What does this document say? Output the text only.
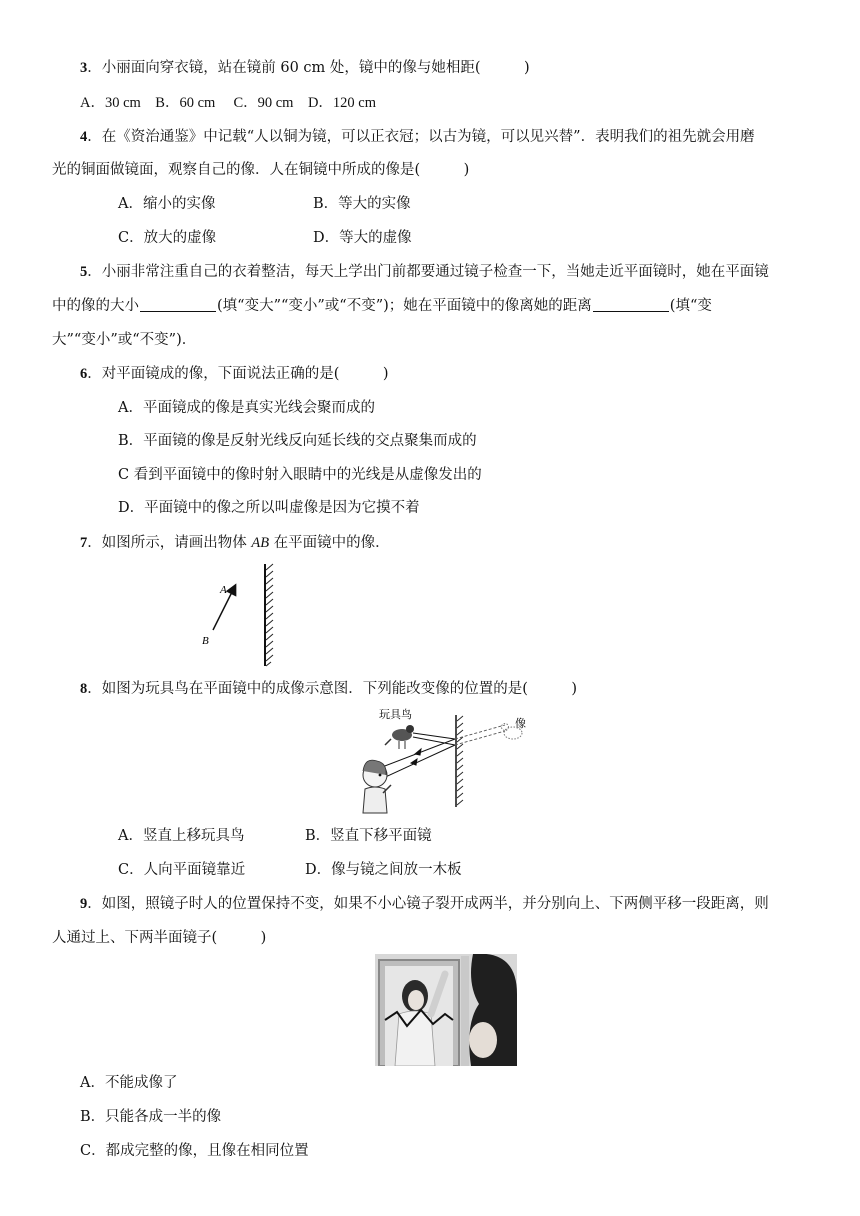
3．小丽面向穿衣镜，站在镜前 60 cm 处，镜中的像与她相距(　　　)
A．30 cm　B．60 cm　 C．90 cm　D．120 cm
4．在《资治通鉴》中记载“人以铜为镜，可以正衣冠；以古为镜，可以见兴替”．表明我们的祖先就会用磨
光的铜面做镜面，观察自己的像．人在铜镜中所成的像是(　　　)
A．缩小的实像	B．等大的实像
C．放大的虚像	D．等大的虚像
5．小丽非常注重自己的衣着整洁，每天上学出门前都要通过镜子检查一下，当她走近平面镜时，她在平面镜
中的像的大小	(填“变大”“变小”或“不变”)；她在平面镜中的像离她的距离	(填“变
大”“变小”或“不变”)．
6．对平面镜成的像，下面说法正确的是(　　　)
A．平面镜成的像是真实光线会聚而成的
B．平面镜的像是反射光线反向延长线的交点聚集而成的
C 看到平面镜中的像时射入眼睛中的光线是从虚像发出的
D．平面镜中的像之所以叫虚像是因为它摸不着
7．如图所示，请画出物体 AB 在平面镜中的像．
A
B
8．如图为玩具鸟在平面镜中的成像示意图．下列能改变像的位置的是(　　　)
玩具鸟
像
A．竖直上移玩具鸟	B．竖直下移平面镜
C．人向平面镜靠近	D．像与镜之间放一木板
9．如图，照镜子时人的位置保持不变，如果不小心镜子裂开成两半，并分别向上、下两侧平移一段距离，则
人通过上、下两半面镜子(　　　)
A．不能成像了
B．只能各成一半的像
C．都成完整的像，且像在相同位置
